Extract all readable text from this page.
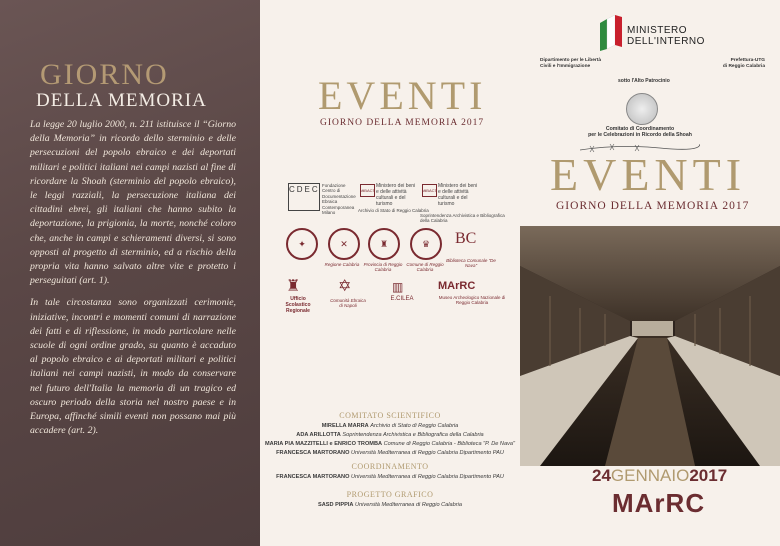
GIORNO
DELLA MEMORIA

La legge 20 luglio 2000, n. 211 istituisce il “Giorno della Memoria” in ricordo dello sterminio e delle persecuzioni del popolo ebraico e dei deportati militari e politici italiani nei campi nazisti al fine di ricordare la Shoah (sterminio del popolo ebraico), le leggi razziali, la persecuzione italiana dei cittadini ebrei, gli italiani che hanno subito la deportazione, la prigionia, la morte, nonché coloro che, anche in campi e schieramenti diversi, si sono opposti al progetto di sterminio, ed a rischio della propria vita hanno salvato altre vite e protetto i perseguitati (art. 1).

In tale circostanza sono organizzati cerimonie, iniziative, incontri e momenti comuni di narrazione dei fatti e di riflessione, in modo particolare nelle scuole di ogni ordine grado, su quanto è accaduto al popolo ebraico e ai deportati militari e politici italiani nei campi nazisti, in modo da conservare nel futuro dell'Italia la memoria di un tragico ed oscuro periodo della storia nel nostro paese e in Europa, affinché simili eventi non possano mai più accadere (art. 2).

EVENTI
GIORNO DELLA MEMORIA 2017
CDEC Fondazione Centro di Documentazione Ebraica Contemporanea Milano
MiBACT
Ministero dei beni e delle attività culturali e del turismo
Archivio di Stato di Reggio Calabria
MiBACT
Ministero dei beni e delle attività culturali e del turismo
Soprintendenza Archivistica e Bibliografica della Calabria
✦	✕
Regione Calabria
♜
Provincia di Reggio Calabria
♛
Comune di Reggio Calabria
BC
Biblioteca Comunale "De Nava"
♜
Ufficio Scolastico Regionale
✡
Comunità Ebraica di Napoli
▥
E.CILEA
MArRC
Museo Archeologico Nazionale di Reggio Calabria
COMITATO SCIENTIFICO
MIRELLA MARRA Archivio di Stato di Reggio Calabria
ADA ARILLOTTA Soprintendenza Archivistica e Bibliografica della Calabria
MARIA PIA MAZZITELLI e ENRICO TROMBA Comune di Reggio Calabria - Biblioteca "P. De Nava"
FRANCESCA MARTORANO Università Mediterranea di Reggio Calabria Dipartimento PAU
COORDINAMENTO
FRANCESCA MARTORANO Università Mediterranea di Reggio Calabria Dipartimento PAU
PROGETTO GRAFICO
SASD PIPPIA Università Mediterranea di Reggio Calabria
MINISTERO
DELL'INTERNO
Dipartimento per le Libertà
Civili e l'Immigrazione
Prefettura-UTG
di Reggio Calabria
sotto l'Alto Patrocinio
Comitato di Coordinamento
per le Celebrazioni in Ricordo della Shoah
EVENTI
GIORNO DELLA MEMORIA 2017
24GENNAIO2017
MArRC
